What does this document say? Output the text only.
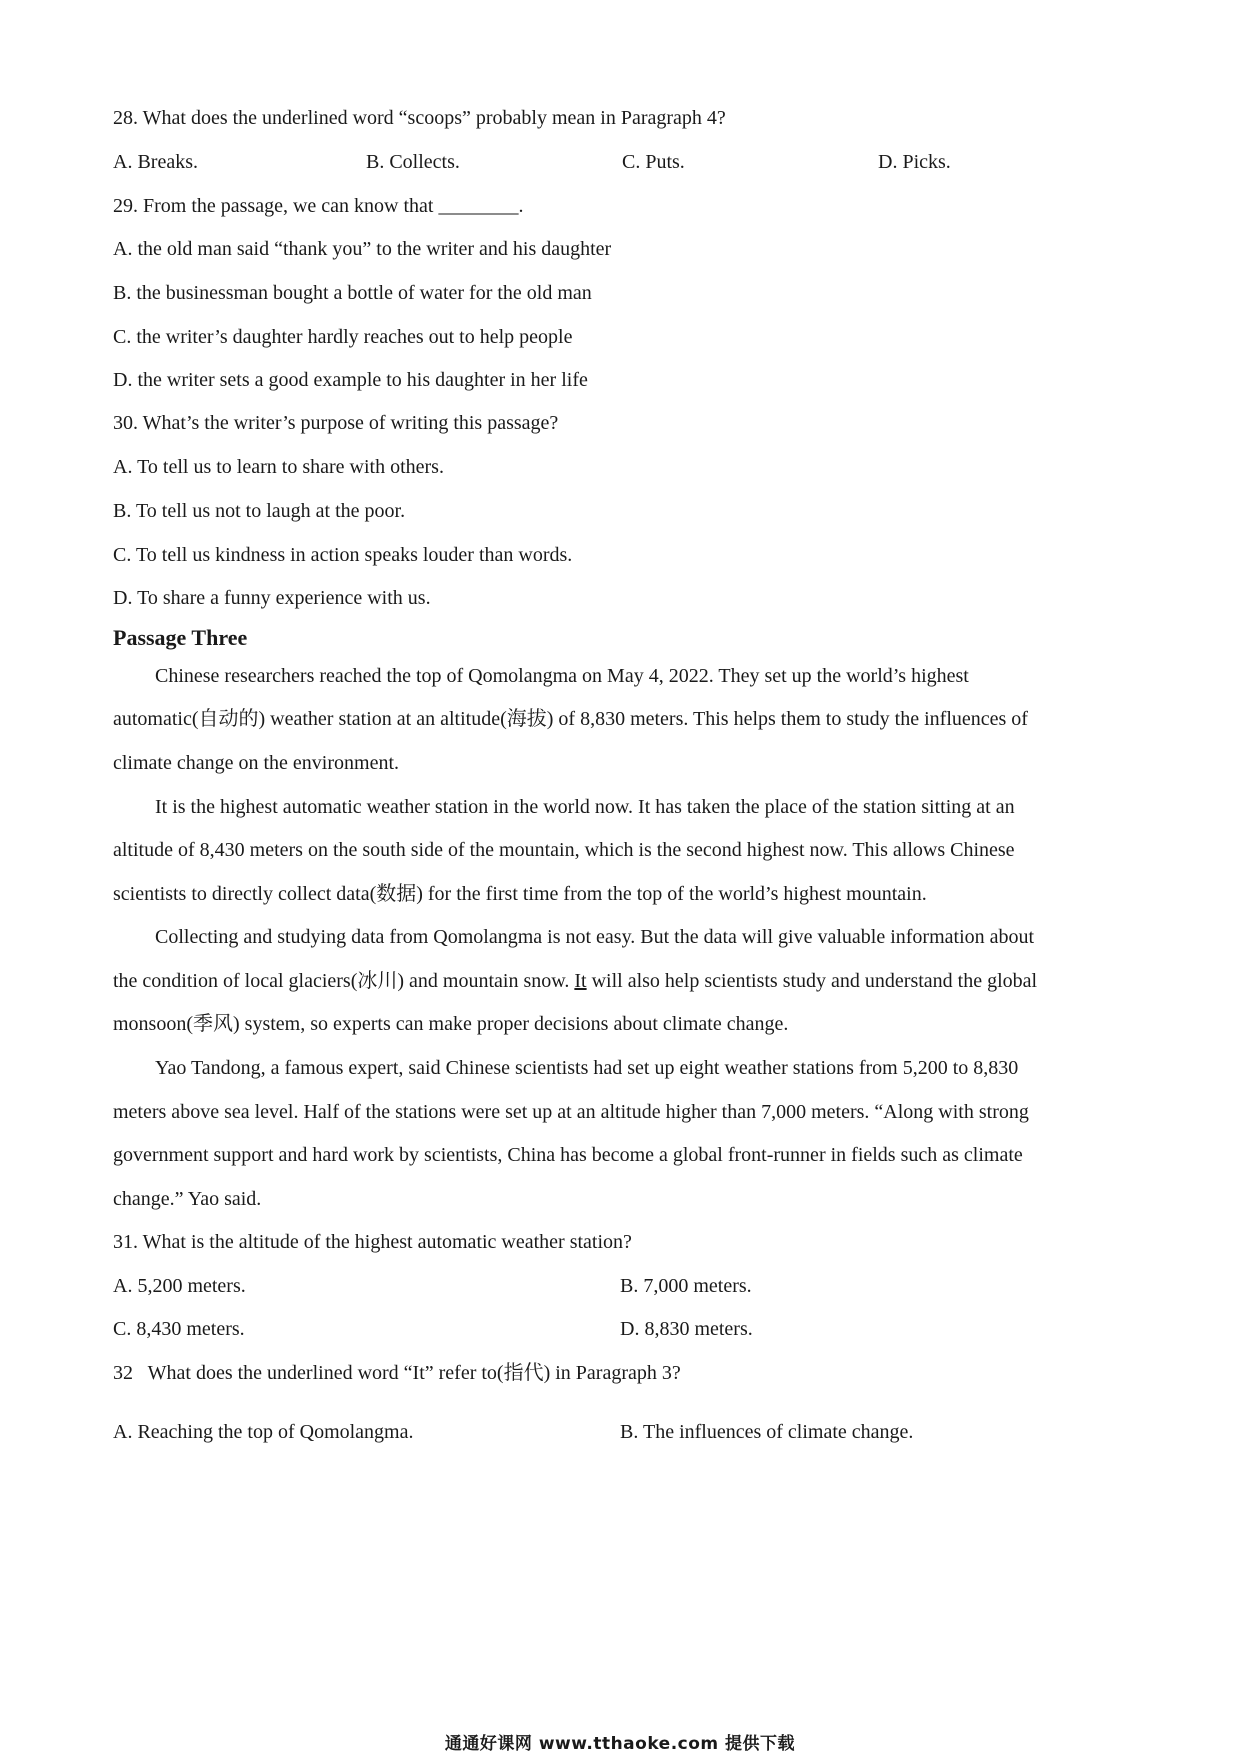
28. What does the underlined word “scoops” probably mean in Paragraph 4?
A. Breaks.	B. Collects.	C. Puts.	D. Picks.
29. From the passage, we can know that ________.
A. the old man said “thank you” to the writer and his daughter
B. the businessman bought a bottle of water for the old man
C. the writer’s daughter hardly reaches out to help people
D. the writer sets a good example to his daughter in her life
30. What’s the writer’s purpose of writing this passage?
A. To tell us to learn to share with others.
B. To tell us not to laugh at the poor.
C. To tell us kindness in action speaks louder than words.
D. To share a funny experience with us.
Passage Three
Chinese researchers reached the top of Qomolangma on May 4, 2022. They set up the world’s highest
automatic(自动的) weather station at an altitude(海拔) of 8,830 meters. This helps them to study the influences of
climate change on the environment.
It is the highest automatic weather station in the world now. It has taken the place of the station sitting at an
altitude of 8,430 meters on the south side of the mountain, which is the second highest now. This allows Chinese
scientists to directly collect data(数据) for the first time from the top of the world’s highest mountain.
Collecting and studying data from Qomolangma is not easy. But the data will give valuable information about
the condition of local glaciers(冰川) and mountain snow. It will also help scientists study and understand the global
monsoon(季风) system, so experts can make proper decisions about climate change.
Yao Tandong, a famous expert, said Chinese scientists had set up eight weather stations from 5,200 to 8,830
meters above sea level. Half of the stations were set up at an altitude higher than 7,000 meters. “Along with strong
government support and hard work by scientists, China has become a global front-runner in fields such as climate
change.” Yao said.
31. What is the altitude of the highest automatic weather station?
A. 5,200 meters.	B. 7,000 meters.
C. 8,430 meters.	D. 8,830 meters.
32   What does the underlined word “It” refer to(指代) in Paragraph 3?
A. Reaching the top of Qomolangma.	B. The influences of climate change.
通通好课网 www.tthaoke.com 提供下载
